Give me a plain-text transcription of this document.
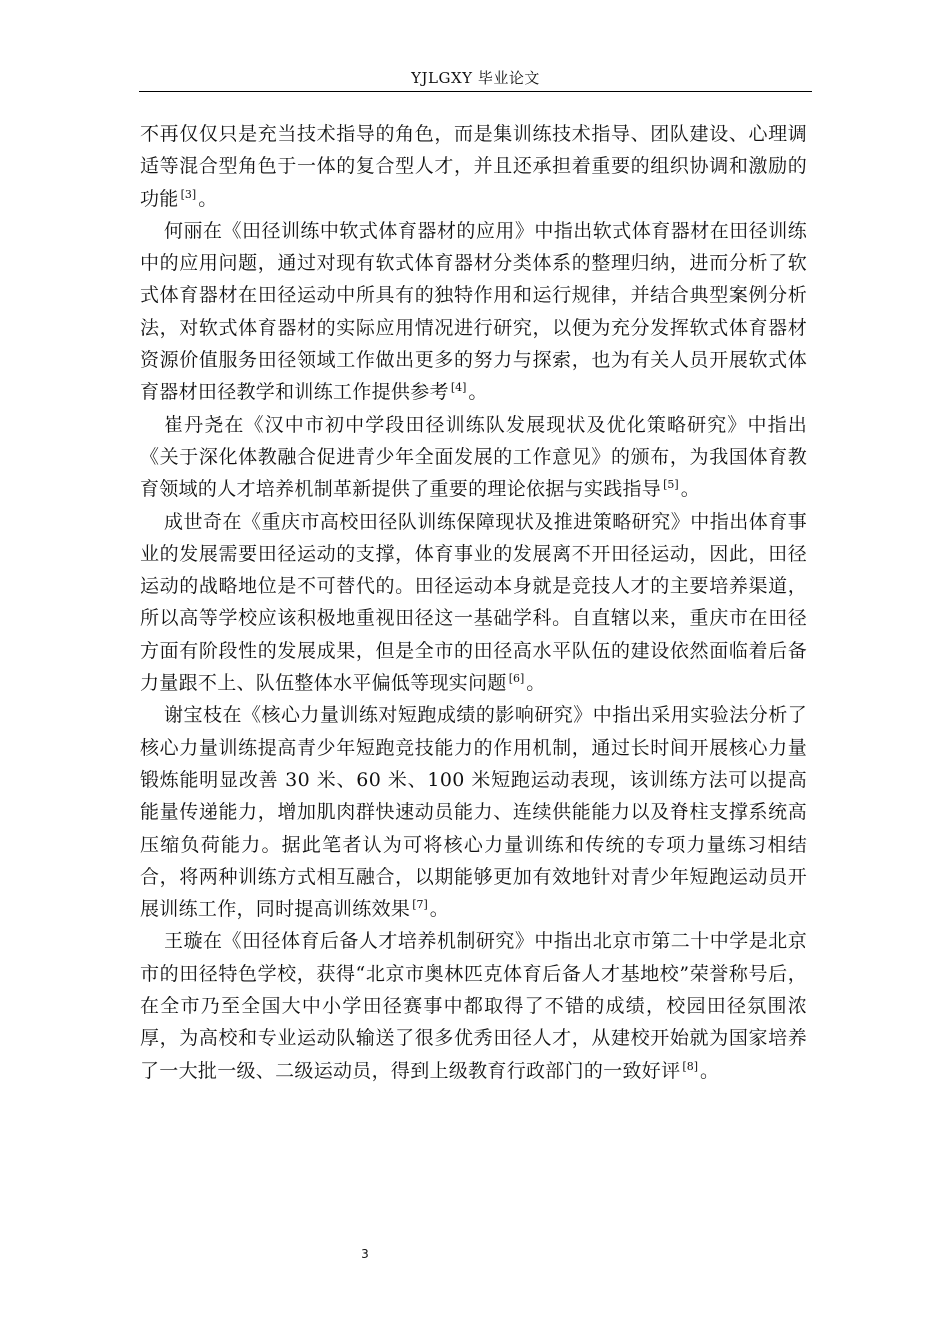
YJLGXY 毕业论文

不再仅仅只是充当技术指导的角色，而是集训练技术指导、团队建设、心理调适等混合型角色于一体的复合型人才，并且还承担着重要的组织协调和激励的功能 [3] 。

何丽在《田径训练中软式体育器材的应用》中指出软式体育器材在田径训练中的应用问题，通过对现有软式体育器材分类体系的整理归纳，进而分析了软式体育器材在田径运动中所具有的独特作用和运行规律，并结合典型案例分析法，对软式体育器材的实际应用情况进行研究，以便为充分发挥软式体育器材资源价值服务田径领域工作做出更多的努力与探索，也为有关人员开展软式体育器材田径教学和训练工作提供参考 [4] 。

崔丹尧在《汉中市初中学段田径训练队发展现状及优化策略研究》中指出《关于深化体教融合促进青少年全面发展的工作意见》的颁布，为我国体育教育领域的人才培养机制革新提供了重要的理论依据与实践指导 [5] 。

成世奇在《重庆市高校田径队训练保障现状及推进策略研究》中指出体育事业的发展需要田径运动的支撑，体育事业的发展离不开田径运动，因此，田径运动的战略地位是不可替代的。田径运动本身就是竞技人才的主要培养渠道，所以高等学校应该积极地重视田径这一基础学科。自直辖以来，重庆市在田径方面有阶段性的发展成果，但是全市的田径高水平队伍的建设依然面临着后备力量跟不上、队伍整体水平偏低等现实问题 [6] 。

谢宝枝在《核心力量训练对短跑成绩的影响研究》中指出采用实验法分析了核心力量训练提高青少年短跑竞技能力的作用机制，通过长时间开展核心力量锻炼能明显改善 30 米、60 米、100 米短跑运动表现，该训练方法可以提高能量传递能力，增加肌肉群快速动员能力、连续供能能力以及脊柱支撑系统高压缩负荷能力。据此笔者认为可将核心力量训练和传统的专项力量练习相结合，将两种训练方式相互融合，以期能够更加有效地针对青少年短跑运动员开展训练工作，同时提高训练效果 [7] 。

王璇在《田径体育后备人才培养机制研究》中指出北京市第二十中学是北京市的田径特色学校，获得“北京市奥林匹克体育后备人才基地校”荣誉称号后，在全市乃至全国大中小学田径赛事中都取得了不错的成绩，校园田径氛围浓厚，为高校和专业运动队输送了很多优秀田径人才，从建校开始就为国家培养了一大批一级、二级运动员，得到上级教育行政部门的一致好评 [8] 。

3
